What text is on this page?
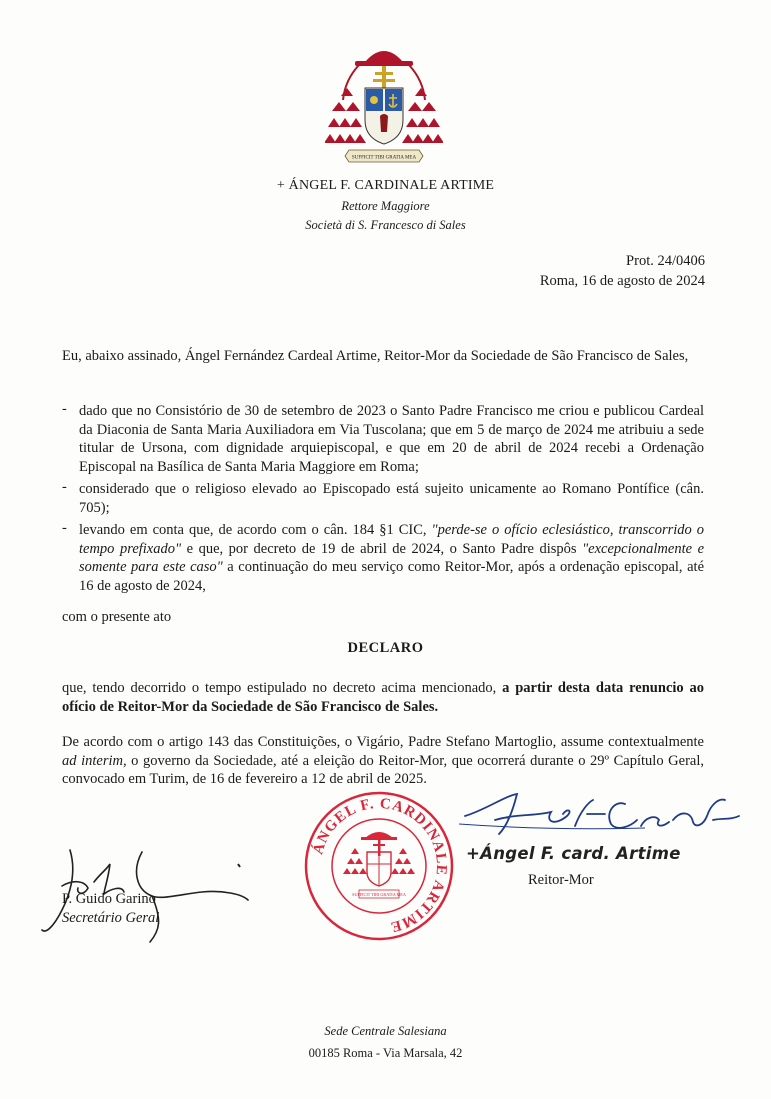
SUFFICIT TIBI GRATIA MEA
+ ÁNGEL F. CARDINALE ARTIME
Rettore Maggiore
Società di S. Francesco di Sales
Prot. 24/0406
Roma, 16 de agosto de 2024
Eu, abaixo assinado, Ángel Fernández Cardeal Artime, Reitor-Mor da Sociedade de São Francisco de Sales,
- dado que no Consistório de 30 de setembro de 2023 o Santo Padre Francisco me criou e publicou Cardeal da Diaconia de Santa Maria Auxiliadora em Via Tuscolana; que em 5 de março de 2024 me atribuiu a sede titular de Ursona, com dignidade arquiepiscopal, e que em 20 de abril de 2024 recebi a Ordenação Episcopal na Basílica de Santa Maria Maggiore em Roma;
- considerado que o religioso elevado ao Episcopado está sujeito unicamente ao Romano Pontífice (cân. 705);
- levando em conta que, de acordo com o cân. 184 §1 CIC, "perde-se o ofício eclesiástico, transcorrido o tempo prefixado" e que, por decreto de 19 de abril de 2024, o Santo Padre dispôs "excepcionalmente e somente para este caso" a continuação do meu serviço como Reitor-Mor, após a ordenação episcopal, até 16 de agosto de 2024,
com o presente ato
DECLARO
que, tendo decorrido o tempo estipulado no decreto acima mencionado, a partir desta data renuncio ao ofício de Reitor-Mor da Sociedade de São Francisco de Sales.
De acordo com o artigo 143 das Constituições, o Vigário, Padre Stefano Martoglio, assume contextualmente ad interim, o governo da Sociedade, até a eleição do Reitor-Mor, que ocorrerá durante o 29º Capítulo Geral, convocado em Turim, de 16 de fevereiro a 12 de abril de 2025.
ÁNGEL F. CARDINALE ARTIME
SUFFICIT TIBI GRATIA MEA
+Ángel F. card. Artime
Reitor-Mor
P. Guido Garino
Secretário Geral
Sede Centrale Salesiana
00185 Roma - Via Marsala, 42
